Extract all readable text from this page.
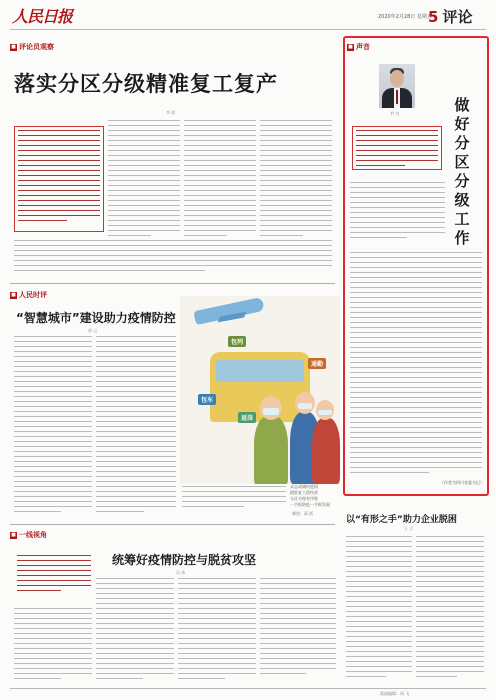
人民日报	2020年2月28日 星期五
5 评论
■ 评论员观察
落实分区分级精准复工复产
李 斌
■ 人民时评
“智慧城市”建设助力疫情防控
郭 云
包列
包车
通勤
返岗
众志成城抗疫情
精准复工稳经济
分区分级有序推
一手抓防疫一手抓发展
制图：蒋 跃
■ 一线视角
统筹好疫情防控与脱贫攻坚
吴 冰
■ 声音
尹 力	做
好
分
区
分
级
工
作
（作者为四川省委书记）
以“有形之手”助力企业脱困
王 言
版面编辑：周 飞
